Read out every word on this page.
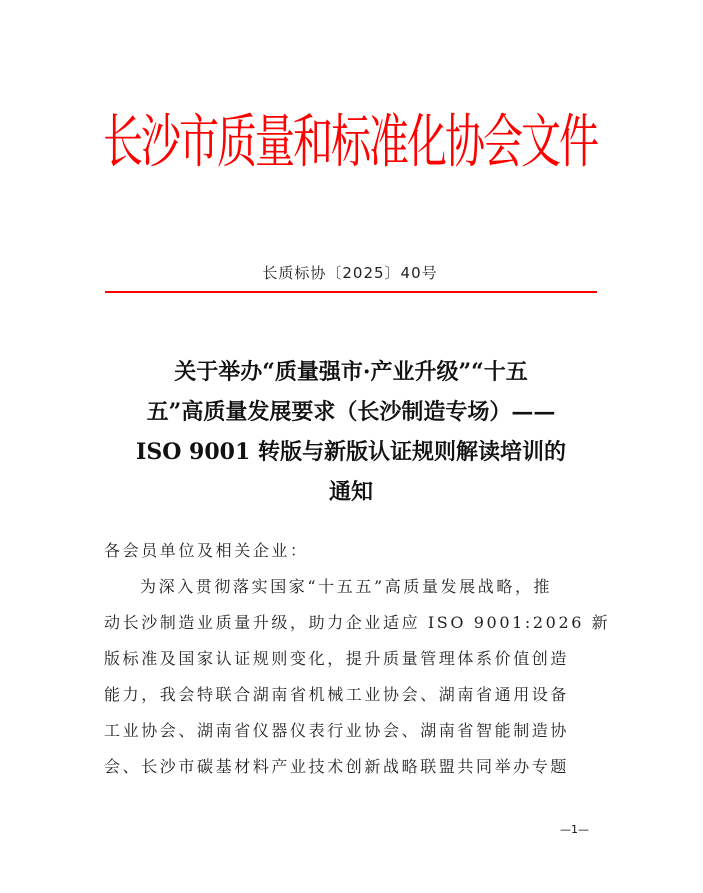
长沙市质量和标准化协会文件
长质标协〔2025〕40号
关于举办“质量强市·产业升级”“十五
五”高质量发展要求（长沙制造专场）——
ISO 9001 转版与新版认证规则解读培训的
通知
各会员单位及相关企业：
为深入贯彻落实国家“十五五”高质量发展战略，推
动长沙制造业质量升级，助力企业适应 ISO 9001:2026 新
版标准及国家认证规则变化，提升质量管理体系价值创造
能力，我会特联合湖南省机械工业协会、湖南省通用设备
工业协会、湖南省仪器仪表行业协会、湖南省智能制造协
会、长沙市碳基材料产业技术创新战略联盟共同举办专题
—1—
